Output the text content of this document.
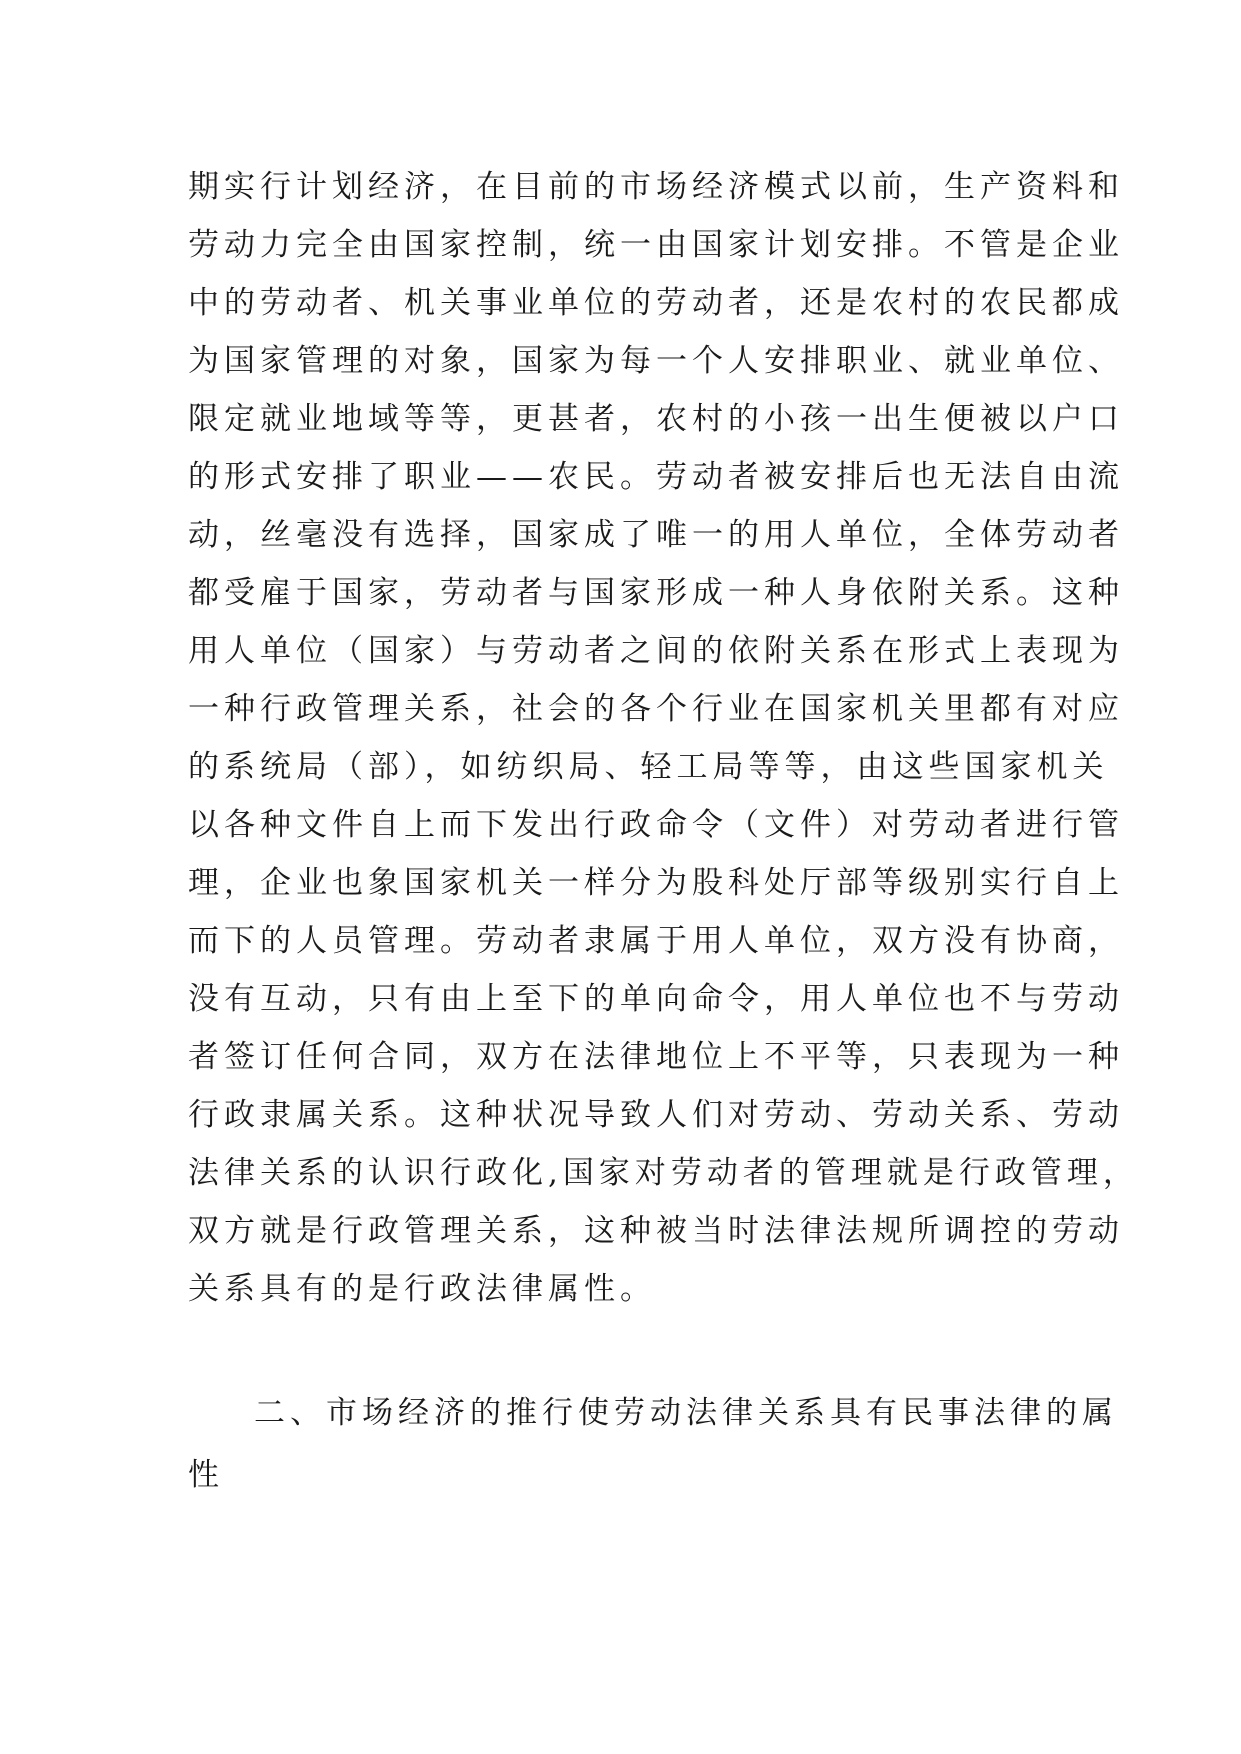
期实行计划经济，在目前的市场经济模式以前，生产资料和
劳动力完全由国家控制，统一由国家计划安排。不管是企业
中的劳动者、机关事业单位的劳动者，还是农村的农民都成
为国家管理的对象，国家为每一个人安排职业、就业单位、
限定就业地域等等，更甚者，农村的小孩一出生便被以户口
的形式安排了职业——农民。劳动者被安排后也无法自由流
动，丝毫没有选择，国家成了唯一的用人单位，全体劳动者
都受雇于国家，劳动者与国家形成一种人身依附关系。这种
用人单位（国家）与劳动者之间的依附关系在形式上表现为
一种行政管理关系，社会的各个行业在国家机关里都有对应
的系统局（部），如纺织局、轻工局等等，由这些国家机关
以各种文件自上而下发出行政命令（文件）对劳动者进行管
理，企业也象国家机关一样分为股科处厅部等级别实行自上
而下的人员管理。劳动者隶属于用人单位，双方没有协商，
没有互动，只有由上至下的单向命令，用人单位也不与劳动
者签订任何合同，双方在法律地位上不平等，只表现为一种
行政隶属关系。这种状况导致人们对劳动、劳动关系、劳动
法律关系的认识行政化,国家对劳动者的管理就是行政管理，
双方就是行政管理关系，这种被当时法律法规所调控的劳动
关系具有的是行政法律属性。
二、市场经济的推行使劳动法律关系具有民事法律的属
性
